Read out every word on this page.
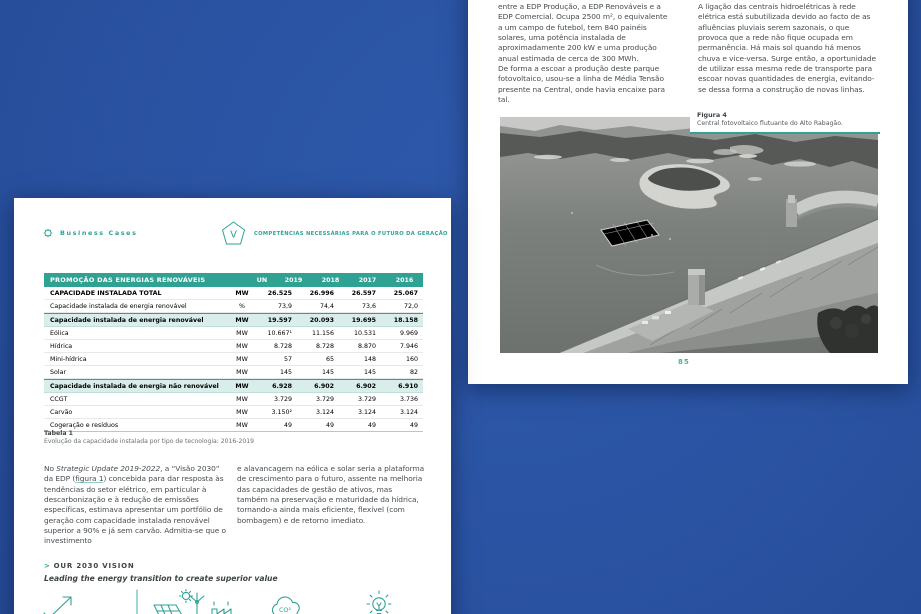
entre a EDP Produção, a EDP Renováveis e a EDP Comercial. Ocupa 2500 m², o equivalente a um campo de futebol, tem 840 painéis solares, uma potência instalada de aproximadamente 200 kW e uma produção anual estimada de cerca de 300 MWh.
De forma a escoar a produção deste parque fotovoltaico, usou-se a linha de Média Tensão presente na Central, onde havia encaixe para tal.
A ligação das centrais hidroelétricas à rede elétrica está subutilizada devido ao facto de as afluências pluviais serem sazonais, o que provoca que a rede não fique ocupada em permanência. Há mais sol quando há menos chuva e vice-versa. Surge então, a oportunidade de utilizar essa mesma rede de transporte para escoar novas quantidades de energia, evitando-se dessa forma a construção de novas linhas.
Figura 4
Central fotovoltaico flutuante do Alto Rabagão.
85
Business Cases	V	COMPETÊNCIAS NECESSÁRIAS PARA O FUTURO DA GERAÇÃO
PROMOÇÃO DAS ENERGIAS RENOVÁVEIS	UN	2019	2018	2017	2016
CAPACIDADE INSTALADA TOTAL	MW	26.525	26.996	26.597	25.067
Capacidade instalada de energia renovável	%	73,9	74,4	73,6	72,0
Capacidade instalada de energia renovável	MW	19.597	20.093	19.695	18.158
Eólica	MW	10.667¹	11.156	10.531	9.969
Hídrica	MW	8.728	8.728	8.870	7.946
Mini-hídrica	MW	57	65	148	160
Solar	MW	145	145	145	82
Capacidade instalada de energia não renovável	MW	6.928	6.902	6.902	6.910
CCGT	MW	3.729	3.729	3.729	3.736
Carvão	MW	3.150²	3.124	3.124	3.124
Cogeração e resíduos	MW	49	49	49	49
Tabela 1
Evolução da capacidade instalada por tipo de tecnologia: 2016-2019
No Strategic Update 2019-2022, a “Visão 2030” da EDP (figura 1) concebida para dar resposta às tendências do setor elétrico, em particular à descarbonização e à redução de emissões específicas, estimava apresentar um portfólio de geração com capacidade instalada renovável superior a 90% e já sem carvão. Admitia-se que o investimento
e alavancagem na eólica e solar seria a plataforma de crescimento para o futuro, assente na melhoria das capacidades de gestão de ativos, mas também na preservação e maturidade da hídrica, tornando-a ainda mais eficiente, flexível (com bombagem) e de retorno imediato.
> OUR 2030 VISION
Leading the energy transition to create superior value
CO²
